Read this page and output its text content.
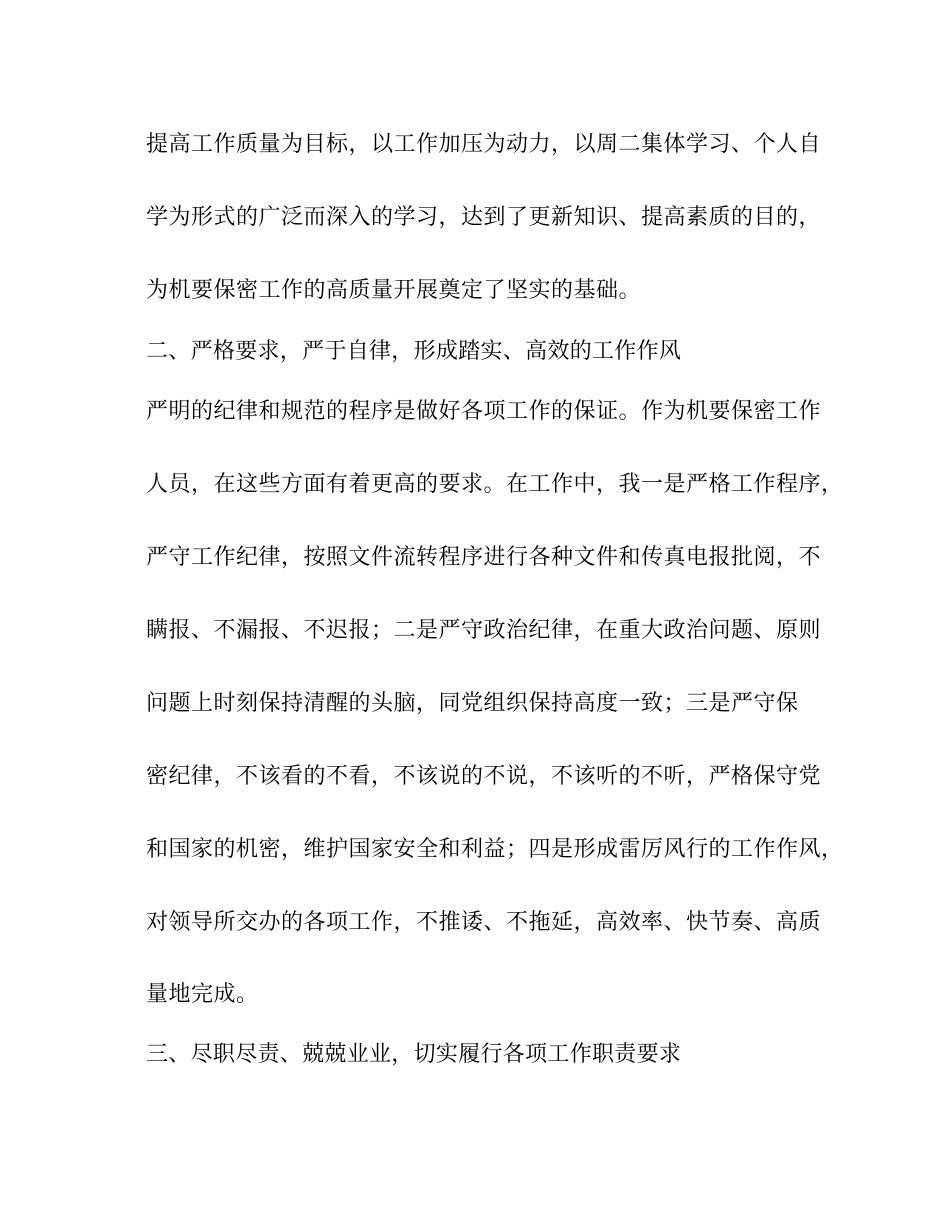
提高工作质量为目标，以工作加压为动力，以周二集体学习、个人自
学为形式的广泛而深入的学习，达到了更新知识、提高素质的目的，
为机要保密工作的高质量开展奠定了坚实的基础。
二、严格要求，严于自律，形成踏实、高效的工作作风
严明的纪律和规范的程序是做好各项工作的保证。作为机要保密工作
人员，在这些方面有着更高的要求。在工作中，我一是严格工作程序，
严守工作纪律，按照文件流转程序进行各种文件和传真电报批阅，不
瞒报、不漏报、不迟报；二是严守政治纪律，在重大政治问题、原则
问题上时刻保持清醒的头脑，同党组织保持高度一致；三是严守保
密纪律，不该看的不看，不该说的不说，不该听的不听，严格保守党
和国家的机密，维护国家安全和利益；四是形成雷厉风行的工作作风，
对领导所交办的各项工作，不推诿、不拖延，高效率、快节奏、高质
量地完成。
三、尽职尽责、兢兢业业，切实履行各项工作职责要求
